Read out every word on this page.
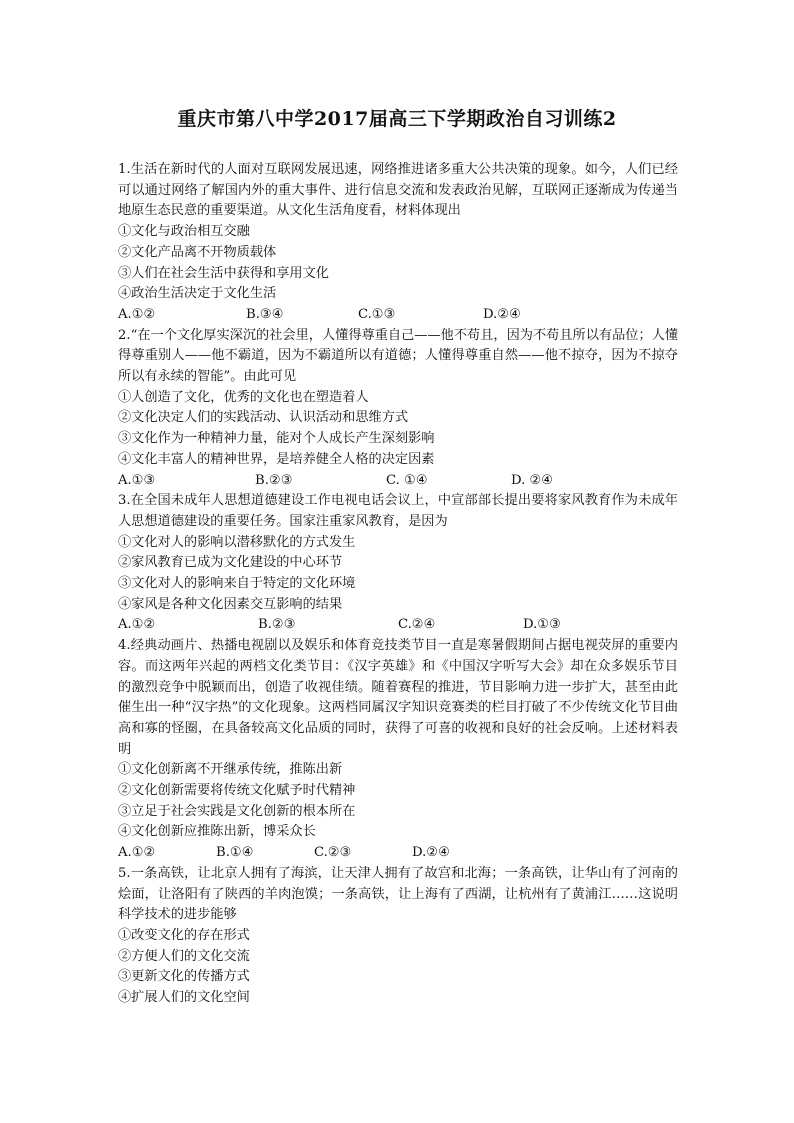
重庆市第八中学2017届高三下学期政治自习训练2

1.生活在新时代的人面对互联网发展迅速，网络推进诸多重大公共决策的现象。如今，人们已经可以通过网络了解国内外的重大事件、进行信息交流和发表政治见解，互联网正逐渐成为传递当地原生态民意的重要渠道。从文化生活角度看，材料体现出

①文化与政治相互交融

②文化产品离不开物质载体

③人们在社会生活中获得和享用文化

④政治生活决定于文化生活

A.①②	B.③④	C.①③	D.②④

2.“在一个文化厚实深沉的社会里，人懂得尊重自己——他不苟且，因为不苟且所以有品位；人懂得尊重别人——他不霸道，因为不霸道所以有道德；人懂得尊重自然——他不掠夺，因为不掠夺所以有永续的智能”。由此可见

①人创造了文化，优秀的文化也在塑造着人

②文化决定人们的实践活动、认识活动和思维方式

③文化作为一种精神力量，能对个人成长产生深刻影响

④文化丰富人的精神世界，是培养健全人格的决定因素

A.①③	B.②③	C. ①④	D. ②④

3.在全国未成年人思想道德建设工作电视电话会议上，中宣部部长提出要将家风教育作为未成年人思想道德建设的重要任务。国家注重家风教育，是因为

①文化对人的影响以潜移默化的方式发生

②家风教育已成为文化建设的中心环节

③文化对人的影响来自于特定的文化环境

④家风是各种文化因素交互影响的结果

A.①②	B.②③	C.②④	D.①③

4.经典动画片、热播电视剧以及娱乐和体育竞技类节目一直是寒暑假期间占据电视荧屏的重要内容。而这两年兴起的两档文化类节目：《汉字英雄》和《中国汉字听写大会》却在众多娱乐节目的激烈竞争中脱颖而出，创造了收视佳绩。随着赛程的推进，节目影响力进一步扩大，甚至由此催生出一种“汉字热”的文化现象。这两档同属汉字知识竞赛类的栏目打破了不少传统文化节目曲高和寡的怪圈，在具备较高文化品质的同时，获得了可喜的收视和良好的社会反响。上述材料表明

①文化创新离不开继承传统，推陈出新

②文化创新需要将传统文化赋予时代精神

③立足于社会实践是文化创新的根本所在

④文化创新应推陈出新，博采众长

A.①②	B.①④	C.②③	D.②④

5.一条高铁，让北京人拥有了海滨，让天津人拥有了故宫和北海；一条高铁，让华山有了河南的烩面，让洛阳有了陕西的羊肉泡馍；一条高铁，让上海有了西湖，让杭州有了黄浦江……这说明科学技术的进步能够

①改变文化的存在形式

②方便人们的文化交流

③更新文化的传播方式

④扩展人们的文化空间
